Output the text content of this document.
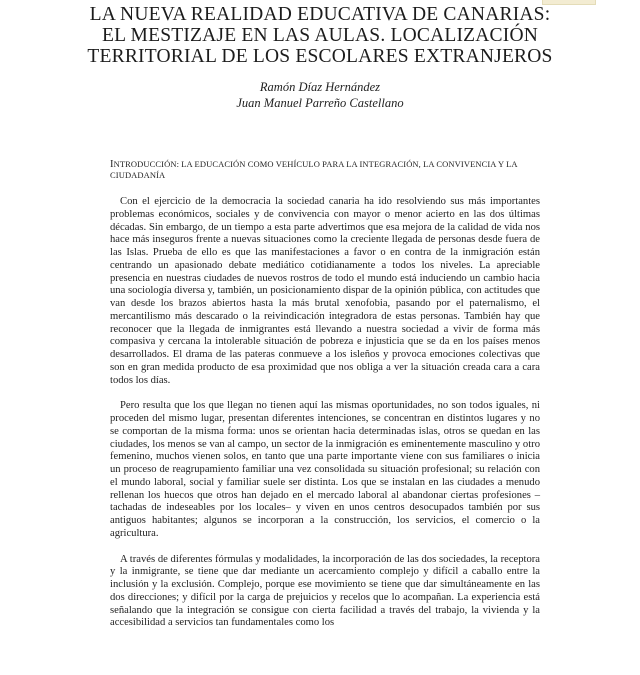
LA NUEVA REALIDAD EDUCATIVA DE CANARIAS:
EL MESTIZAJE EN LAS AULAS. LOCALIZACIÓN
TERRITORIAL DE LOS ESCOLARES EXTRANJEROS
Ramón Díaz Hernández
Juan Manuel Parreño Castellano
INTRODUCCIÓN: LA EDUCACIÓN COMO VEHÍCULO PARA LA INTEGRACIÓN, LA CONVIVENCIA Y LA CIUDADANÍA

Con el ejercicio de la democracia la sociedad canaria ha ido resolviendo sus más importantes problemas económicos, sociales y de convivencia con mayor o menor acierto en las dos últimas décadas. Sin embargo, de un tiempo a esta parte advertimos que esa mejora de la calidad de vida nos hace más inseguros frente a nuevas situaciones como la creciente llegada de personas desde fuera de las Islas. Prueba de ello es que las manifestaciones a favor o en contra de la inmigración están centrando un apasionado debate mediático cotidianamente a todos los niveles. La apreciable presencia en nuestras ciudades de nuevos rostros de todo el mundo está induciendo un cambio hacia una sociología diversa y, también, un posicionamiento dispar de la opinión pública, con actitudes que van desde los brazos abiertos hasta la más brutal xenofobia, pasando por el paternalismo, el mercantilismo más descarado o la reivindicación integradora de estas personas. También hay que reconocer que la llegada de inmigrantes está llevando a nuestra sociedad a vivir de forma más compasiva y cercana la intolerable situación de pobreza e injusticia que se da en los países menos desarrollados. El drama de las pateras conmueve a los isleños y provoca emociones colectivas que son en gran medida producto de esa proximidad que nos obliga a ver la situación creada cara a cara todos los días.

Pero resulta que los que llegan no tienen aquí las mismas oportunidades, no son todos iguales, ni proceden del mismo lugar, presentan diferentes intenciones, se concentran en distintos lugares y no se comportan de la misma forma: unos se orientan hacia determinadas islas, otros se quedan en las ciudades, los menos se van al campo, un sector de la inmigración es eminentemente masculino y otro femenino, muchos vienen solos, en tanto que una parte importante viene con sus familiares o inicia un proceso de reagrupamiento familiar una vez consolidada su situación profesional; su relación con el mundo laboral, social y familiar suele ser distinta. Los que se instalan en las ciudades a menudo rellenan los huecos que otros han dejado en el mercado laboral al abandonar ciertas profesiones –tachadas de indeseables por los locales– y viven en unos centros desocupados también por sus antiguos habitantes; algunos se incorporan a la construcción, los servicios, el comercio o la agricultura.

A través de diferentes fórmulas y modalidades, la incorporación de las dos sociedades, la receptora y la inmigrante, se tiene que dar mediante un acercamiento complejo y difícil a caballo entre la inclusión y la exclusión. Complejo, porque ese movimiento se tiene que dar simultáneamente en las dos direcciones; y difícil por la carga de prejuicios y recelos que lo acompañan. La experiencia está señalando que la integración se consigue con cierta facilidad a través del trabajo, la vivienda y la accesibilidad a servicios tan fundamentales como los
